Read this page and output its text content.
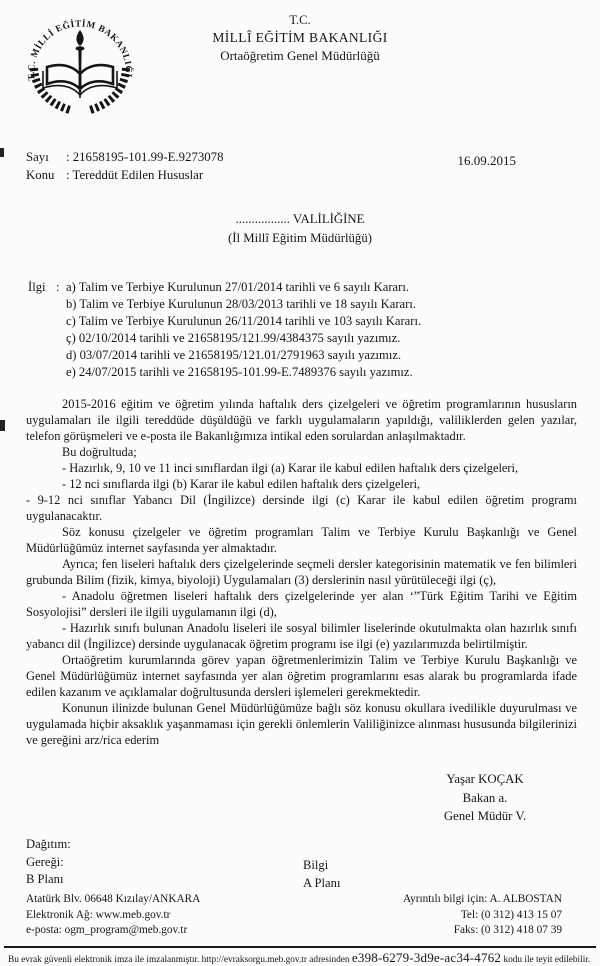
T.C. MİLLİ EĞİTİM BAKANLIĞI
T.C.
MİLLÎ EĞİTİM BAKANLIĞI
Ortaöğretim Genel Müdürlüğü
Sayı	: 21658195-101.99-E.9273078
Konu : Tereddüt Edilen Hususlar
16.09.2015
................. VALİLİĞİNE
(İl Millî Eğitim Müdürlüğü)
İlgi : a) Talim ve Terbiye Kurulunun 27/01/2014 tarihli ve 6 sayılı Kararı.
b) Talim ve Terbiye Kurulunun 28/03/2013 tarihli ve 18 sayılı Kararı.
c) Talim ve Terbiye Kurulunun 26/11/2014 tarihli ve 103 sayılı Kararı.
ç) 02/10/2014 tarihli ve 21658195/121.99/4384375 sayılı yazımız.
d) 03/07/2014 tarihli ve 21658195/121.01/2791963 sayılı yazımız.
e) 24/07/2015 tarihli ve 21658195-101.99-E.7489376 sayılı yazımız.

2015-2016 eğitim ve öğretim yılında haftalık ders çizelgeleri ve öğretim programlarının hususların uygulamaları ile ilgili tereddüde düşüldüğü ve farklı uygulamaların yapıldığı, valiliklerden gelen yazılar, telefon görüşmeleri ve e-posta ile Bakanlığımıza intikal eden sorulardan anlaşılmaktadır.

Bu doğrultuda;

- Hazırlık, 9, 10 ve 11 inci sınıflardan ilgi (a) Karar ile kabul edilen haftalık ders çizelgeleri,

- 12 nci sınıflarda ilgi (b) Karar ile kabul edilen haftalık ders çizelgeleri,

- 9-12 nci sınıflar Yabancı Dil (İngilizce) dersinde ilgi (c) Karar ile kabul edilen öğretim programı uygulanacaktır.

Söz konusu çizelgeler ve öğretim programları Talim ve Terbiye Kurulu Başkanlığı ve Genel Müdürlüğümüz internet sayfasında yer almaktadır.

Ayrıca; fen liseleri haftalık ders çizelgelerinde seçmeli dersler kategorisinin matematik ve fen bilimleri grubunda Bilim (fizik, kimya, biyoloji) Uygulamaları (3) derslerinin nasıl yürütüleceği ilgi (ç),

- Anadolu öğretmen liseleri haftalık ders çizelgelerinde yer alan ‘”Türk Eğitim Tarihi ve Eğitim Sosyolojisi” dersleri ile ilgili uygulamanın ilgi (d),

- Hazırlık sınıfı bulunan Anadolu liseleri ile sosyal bilimler liselerinde okutulmakta olan hazırlık sınıfı yabancı dil (İngilizce) dersinde uygulanacak öğretim programı ise ilgi (e) yazılarımızda belirtilmiştir.

Ortaöğretim kurumlarında görev yapan öğretmenlerimizin Talim ve Terbiye Kurulu Başkanlığı ve Genel Müdürlüğümüz internet sayfasında yer alan öğretim programlarını esas alarak bu programlarda ifade edilen kazanım ve açıklamalar doğrultusunda dersleri işlemeleri gerekmektedir.

Konunun ilinizde bulunan Genel Müdürlüğümüze bağlı söz konusu okullara ivedilikle duyurulması ve uygulamada hiçbir aksaklık yaşanmaması için gerekli önlemlerin Valiliğinizce alınması hususunda bilgilerinizi ve gereğini arz/rica ederim

Yaşar KOÇAK
Bakan a.
Genel Müdür V.
Dağıtım:
Gereği:
B Planı
Bilgi
A Planı
Atatürk Blv. 06648 Kızılay/ANKARA
Elektronik Ağ: www.meb.gov.tr
e-posta: ogm_program@meb.gov.tr
Ayrıntılı bilgi için: A. ALBOSTAN
Tel: (0 312) 413 15 07
Faks: (0 312) 418 07 39
Bu evrak güvenli elektronik imza ile imzalanmıştır. http://evraksorgu.meb.gov.tr adresinden e398-6279-3d9e-ac34-4762 kodu ile teyit edilebilir.
